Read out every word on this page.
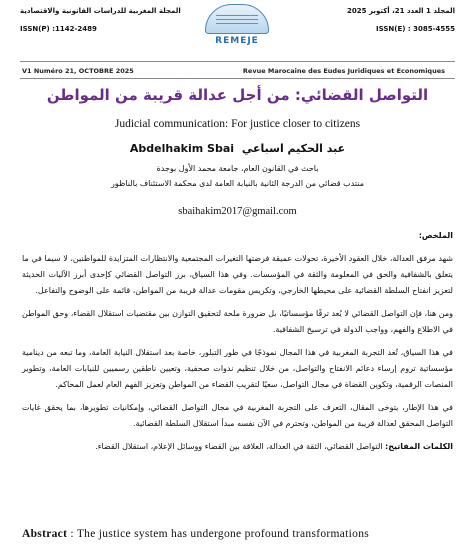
المجلة المغربية للدراسات القانونية والاقتصادية
ISSN(P) :1142-2489
REMEJE
المجلد 1 العدد 21، أكتوبر 2025
ISSN(E) : 3085-4555
V1 Numéro 21, OCTOBRE 2025	Revue Marocaine des Eudes Juridiques et Economiques
التواصل القضائي: من أجل عدالة قريبة من المواطن
Judicial communication: For justice closer to citizens
Abdelhakim Sbai عبد الحكيم اسباعي
باحث في القانون العام، جامعة محمد الأول بوجدة
منتدب قضائي من الدرجة الثانية بالنيابة العامة لدى محكمة الاستئناف بالناظور
sbaihakim2017@gmail.com

الملخص:

شهد مرفق العدالة، خلال العقود الأخيرة، تحولات عميقة فرضتها التغيرات المجتمعية والانتظارات المتزايدة للمواطنين، لا سيما في ما يتعلق بالشفافية والحق في المعلومة والثقة في المؤسسات. وفي هذا السياق، برز التواصل القضائي كإحدى أبرز الآليات الحديثة لتعزيز انفتاح السلطة القضائية على محيطها الخارجي، وتكريس مقومات عدالة قريبة من المواطن، قائمة على الوضوح والتفاعل.

ومن هنا، فإن التواصل القضائي لا يُعد ترفًا مؤسساتيًا، بل ضرورة ملحة لتحقيق التوازن بين مقتضيات استقلال القضاء، وحق المواطن في الاطلاع والفهم، وواجب الدولة في ترسيخ الشفافية.

في هذا السياق، تُعد التجربة المغربية في هذا المجال نموذجًا في طور التبلور، خاصة بعد استقلال النيابة العامة، وما تبعه من دينامية مؤسساتية تروم إرساء دعائم الانفتاح والتواصل، من خلال تنظيم ندوات صحفية، وتعيين ناطقين رسميين للنيابات العامة، وتطوير المنصات الرقمية، وتكوين القضاة في مجال التواصل، سعيًا لتقريب القضاء من المواطن وتعزيز الفهم العام لعمل المحاكم.

في هذا الإطار، يتوخى المقال، التعرف على التجربة المغربية في مجال التواصل القضائي، وإمكانيات تطويرها، بما يحقق غايات التواصل المحقق لعدالة قريبة من المواطن، وتحترم في الآن نفسه مبدأ استقلال السلطة القضائية.

الكلمات المفاتيح: التواصل القضائي، الثقة في العدالة، العلاقة بين القضاء ووسائل الإعلام، استقلال القضاء.

Abstract : The justice system has undergone profound transformations
